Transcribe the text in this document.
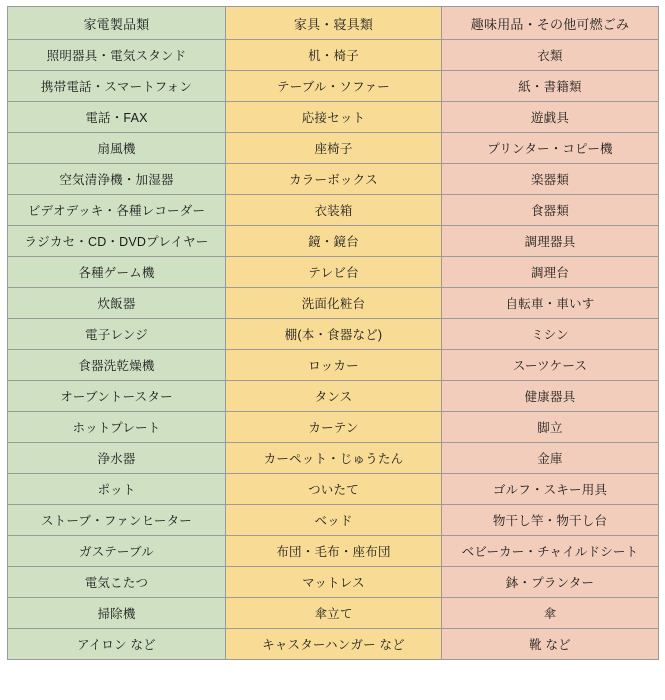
家電製品類	家具・寝具類	趣味用品・その他可燃ごみ
照明器具・電気スタンド	机・椅子	衣類
携帯電話・スマートフォン	テーブル・ソファー	紙・書籍類
電話・FAX	応接セット	遊戯具
扇風機	座椅子	プリンター・コピー機
空気清浄機・加湿器	カラーボックス	楽器類
ビデオデッキ・各種レコーダー	衣装箱	食器類
ラジカセ・CD・DVDプレイヤー	鏡・鏡台	調理器具
各種ゲーム機	テレビ台	調理台
炊飯器	洗面化粧台	自転車・車いす
電子レンジ	棚(本・食器など)	ミシン
食器洗乾燥機	ロッカー	スーツケース
オーブントースター	タンス	健康器具
ホットプレート	カーテン	脚立
浄水器	カーペット・じゅうたん	金庫
ポット	ついたて	ゴルフ・スキー用具
ストーブ・ファンヒーター	ベッド	物干し竿・物干し台
ガステーブル	布団・毛布・座布団	ベビーカー・チャイルドシート
電気こたつ	マットレス	鉢・プランター
掃除機	傘立て	傘
アイロン など	キャスターハンガー など	靴 など
